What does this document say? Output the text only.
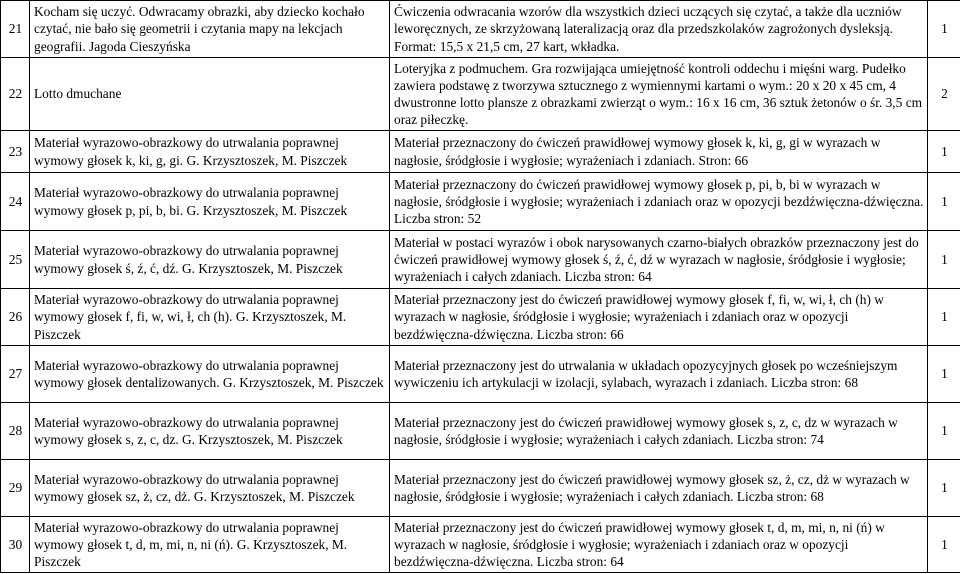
21	Kocham się uczyć. Odwracamy obrazki, aby dziecko kochało czytać, nie bało się geometrii i czytania mapy na lekcjach geografii. Jagoda Cieszyńska	Ćwiczenia odwracania wzorów dla wszystkich dzieci uczących się czytać, a także dla uczniów leworęcznych, ze skrzyżowaną lateralizacją oraz dla przedszkolaków zagrożonych dysleksją. Format: 15,5 x 21,5 cm, 27 kart, wkładka.	1
22	Lotto dmuchane	Loteryjka z podmuchem. Gra rozwijająca umiejętność kontroli oddechu i mięśni warg. Pudełko zawiera podstawę z tworzywa sztucznego z wymiennymi kartami o wym.: 20 x 20 x 45 cm, 4 dwustronne lotto plansze z obrazkami zwierząt o wym.: 16 x 16 cm, 36 sztuk żetonów o śr. 3,5 cm oraz piłeczkę.	2
23	Materiał wyrazowo-obrazkowy do utrwalania poprawnej wymowy głosek k, ki, g, gi. G. Krzysztoszek, M. Piszczek	Materiał przeznaczony do ćwiczeń prawidłowej wymowy głosek k, ki, g, gi w wyrazach w nagłosie, śródgłosie i wygłosie; wyrażeniach i zdaniach. Stron: 66	1
24	Materiał wyrazowo-obrazkowy do utrwalania poprawnej wymowy głosek p, pi, b, bi. G. Krzysztoszek, M. Piszczek	Materiał przeznaczony do ćwiczeń prawidłowej wymowy głosek p, pi, b, bi w wyrazach w nagłosie, śródgłosie i wygłosie; wyrażeniach i zdaniach oraz w opozycji bezdźwięczna-dźwięczna. Liczba stron: 52	1
25	Materiał wyrazowo-obrazkowy do utrwalania poprawnej wymowy głosek ś, ź, ć, dź. G. Krzysztoszek, M. Piszczek	Materiał w postaci wyrazów i obok narysowanych czarno-białych obrazków przeznaczony jest do ćwiczeń prawidłowej wymowy głosek ś, ź, ć, dź w wyrazach w nagłosie, śródgłosie i wygłosie; wyrażeniach i całych zdaniach. Liczba stron: 64	1
26	Materiał wyrazowo-obrazkowy do utrwalania poprawnej wymowy głosek f, fi, w, wi, ł, ch (h). G. Krzysztoszek, M. Piszczek	Materiał przeznaczony jest do ćwiczeń prawidłowej wymowy głosek f, fi, w, wi, ł, ch (h) w wyrazach w nagłosie, śródgłosie i wygłosie; wyrażeniach i zdaniach oraz w opozycji bezdźwięczna-dźwięczna. Liczba stron: 66	1
27	Materiał wyrazowo-obrazkowy do utrwalania poprawnej wymowy głosek dentalizowanych. G. Krzysztoszek, M. Piszczek	Materiał przeznaczony jest do utrwalania w układach opozycyjnych głosek po wcześniejszym wywiczeniu ich artykulacji w izolacji, sylabach, wyrazach i zdaniach. Liczba stron: 68	1
28	Materiał wyrazowo-obrazkowy do utrwalania poprawnej wymowy głosek s, z, c, dz. G. Krzysztoszek, M. Piszczek	Materiał przeznaczony jest do ćwiczeń prawidłowej wymowy głosek s, z, c, dz w wyrazach w nagłosie, śródgłosie i wygłosie; wyrażeniach i całych zdaniach. Liczba stron: 74	1
29	Materiał wyrazowo-obrazkowy do utrwalania poprawnej wymowy głosek sz, ż, cz, dż. G. Krzysztoszek, M. Piszczek	Materiał przeznaczony jest do ćwiczeń prawidłowej wymowy głosek sz, ż, cz, dż w wyrazach w nagłosie, śródgłosie i wygłosie; wyrażeniach i całych zdaniach. Liczba stron: 68	1
30	Materiał wyrazowo-obrazkowy do utrwalania poprawnej wymowy głosek t, d, m, mi, n, ni (ń). G. Krzysztoszek, M. Piszczek	Materiał przeznaczony jest do ćwiczeń prawidłowej wymowy głosek t, d, m, mi, n, ni (ń) w wyrazach w nagłosie, śródgłosie i wygłosie; wyrażeniach i zdaniach oraz w opozycji bezdźwięczna-dźwięczna. Liczba stron: 64	1
